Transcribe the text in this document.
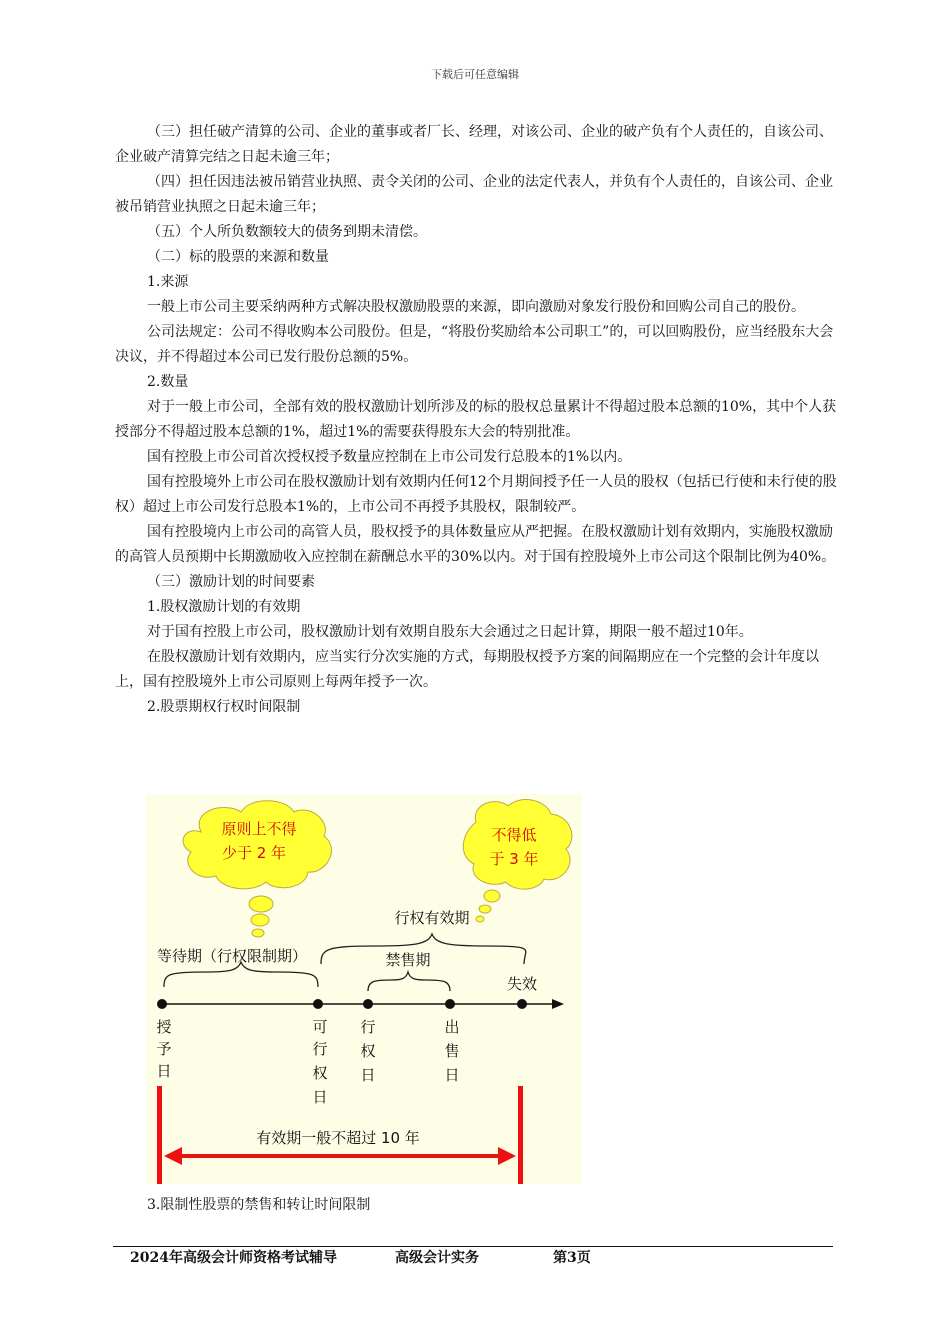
下载后可任意编辑

（三）担任破产清算的公司、企业的董事或者厂长、经理，对该公司、企业的破产负有个人责任的，自该公司、企业破产清算完结之日起未逾三年；

（四）担任因违法被吊销营业执照、责令关闭的公司、企业的法定代表人，并负有个人责任的，自该公司、企业被吊销营业执照之日起未逾三年；

（五）个人所负数额较大的债务到期未清偿。

（二）标的股票的来源和数量

1.来源

一般上市公司主要采纳两种方式解决股权激励股票的来源，即向激励对象发行股份和回购公司自己的股份。

公司法规定：公司不得收购本公司股份。但是，“将股份奖励给本公司职工”的，可以回购股份，应当经股东大会决议，并不得超过本公司已发行股份总额的5%。

2.数量

对于一般上市公司，全部有效的股权激励计划所涉及的标的股权总量累计不得超过股本总额的10%，其中个人获授部分不得超过股本总额的1%，超过1%的需要获得股东大会的特别批准。

国有控股上市公司首次授权授予数量应控制在上市公司发行总股本的1%以内。

国有控股境外上市公司在股权激励计划有效期内任何12个月期间授予任一人员的股权（包括已行使和未行使的股权）超过上市公司发行总股本1%的，上市公司不再授予其股权，限制较严。

国有控股境内上市公司的高管人员，股权授予的具体数量应从严把握。在股权激励计划有效期内，实施股权激励的高管人员预期中长期激励收入应控制在薪酬总水平的30%以内。对于国有控股境外上市公司这个限制比例为40%。

（三）激励计划的时间要素

1.股权激励计划的有效期

对于国有控股上市公司，股权激励计划有效期自股东大会通过之日起计算，期限一般不超过10年。

在股权激励计划有效期内，应当实行分次实施的方式，每期股权授予方案的间隔期应在一个完整的会计年度以上，国有控股境外上市公司原则上每两年授予一次。

2.股票期权行权时间限制

原则上不得
少于 2 年
不得低
于 3 年
行权有效期
等待期（行权限制期）	禁售期
失效
授
予
日
可
行
权
日
行
权
日
出
售
日
有效期一般不超过 10 年
3.限制性股票的禁售和转让时间限制
2024年高级会计师资格考试辅导	高级会计实务	第3页
